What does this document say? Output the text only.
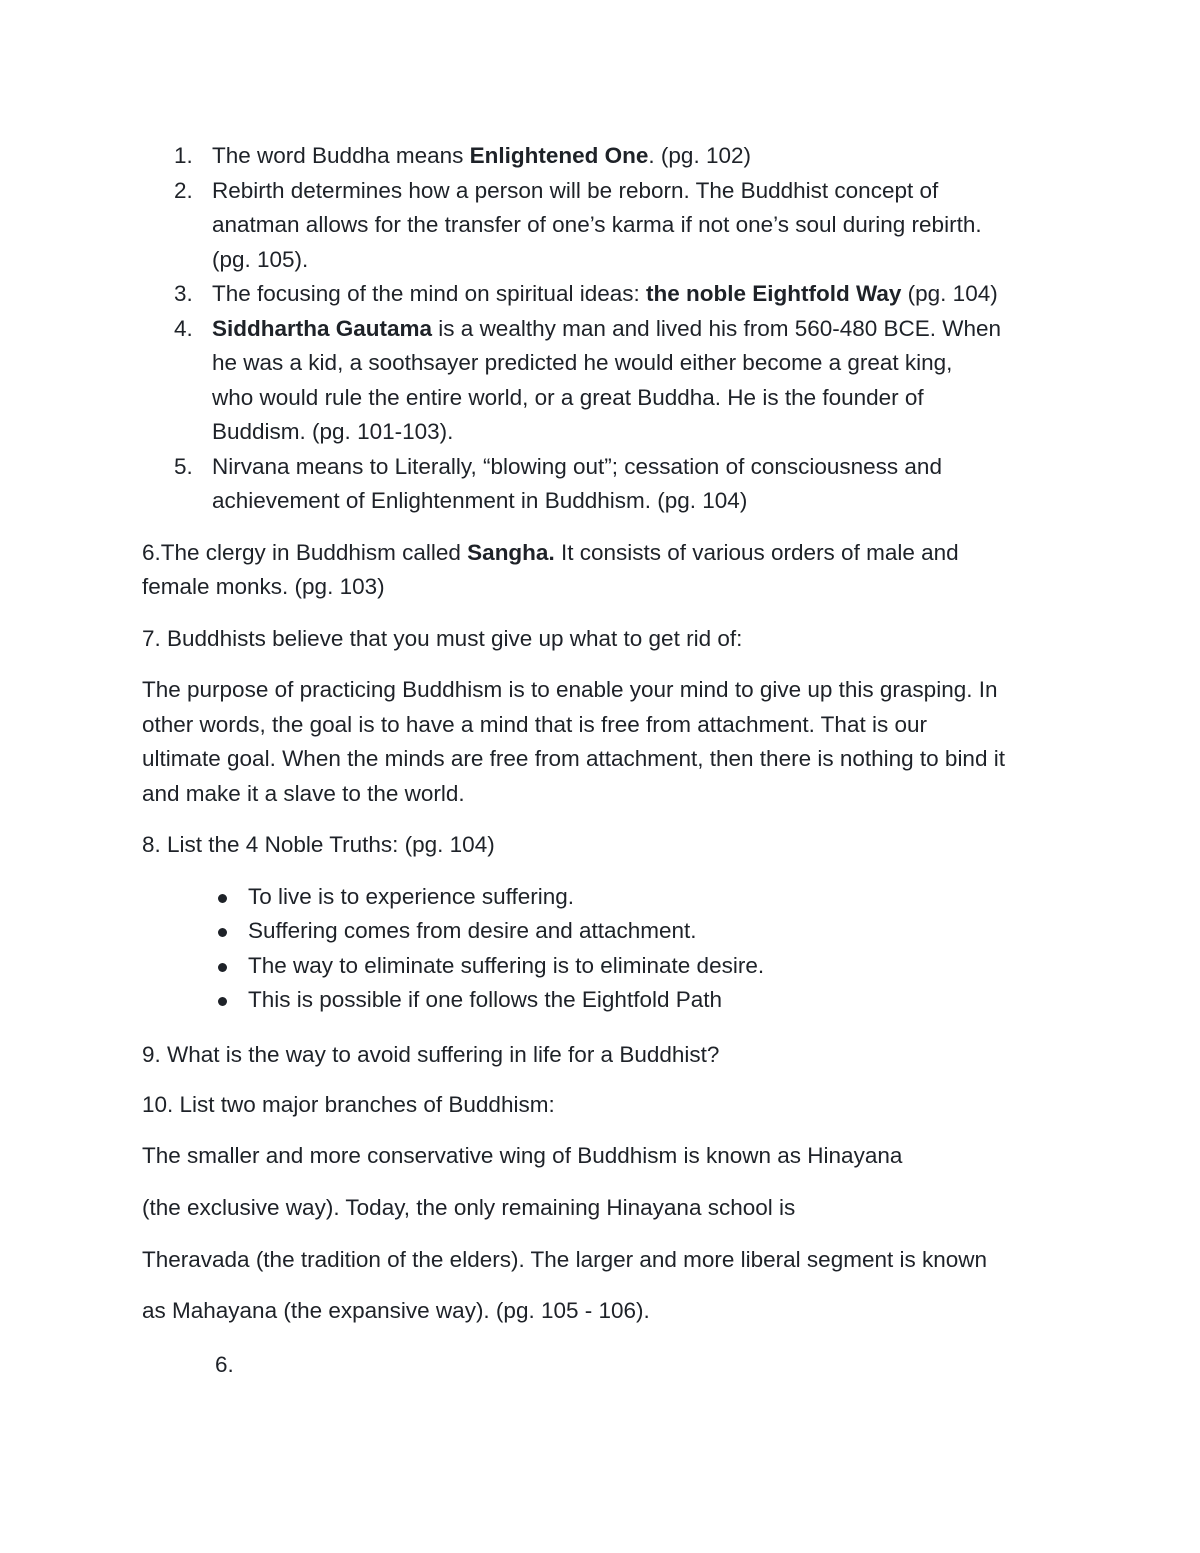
1. The word Buddha means Enlightened One. (pg. 102)
2. Rebirth determines how a person will be reborn. The Buddhist concept of
anatman allows for the transfer of one’s karma if not one’s soul during rebirth.
(pg. 105).
3. The focusing of the mind on spiritual ideas: the noble Eightfold Way (pg. 104)
4. Siddhartha Gautama is a wealthy man and lived his from 560-480 BCE. When
he was a kid, a soothsayer predicted he would either become a great king,
who would rule the entire world, or a great Buddha. He is the founder of
Buddism. (pg. 101-103).
5. Nirvana means to Literally, “blowing out”; cessation of consciousness and
achievement of Enlightenment in Buddhism. (pg. 104)
6.The clergy in Buddhism called Sangha. It consists of various orders of male and
female monks. (pg. 103)
7. Buddhists believe that you must give up what to get rid of:
The purpose of practicing Buddhism is to enable your mind to give up this grasping. In
other words, the goal is to have a mind that is free from attachment. That is our
ultimate goal. When the minds are free from attachment, then there is nothing to bind it
and make it a slave to the world.
8. List the 4 Noble Truths: (pg. 104)
To live is to experience suffering.
Suffering comes from desire and attachment.
The way to eliminate suffering is to eliminate desire.
This is possible if one follows the Eightfold Path
9. What is the way to avoid suffering in life for a Buddhist?
10. List two major branches of Buddhism:
The smaller and more conservative wing of Buddhism is known as Hinayana
(the exclusive way). Today, the only remaining Hinayana school is
Theravada (the tradition of the elders). The larger and more liberal segment is known
as Mahayana (the expansive way). (pg. 105 - 106).
6.
